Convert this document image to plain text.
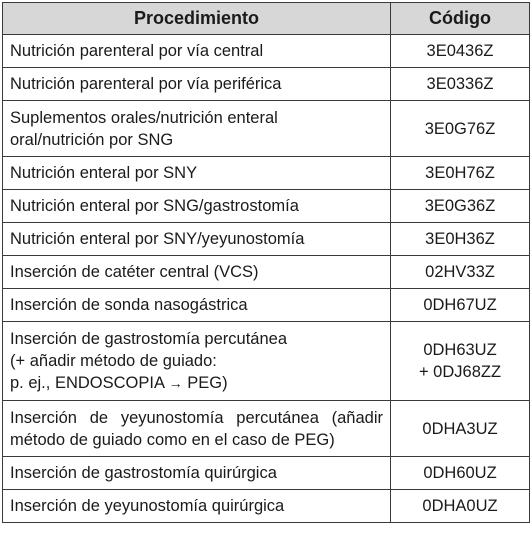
Procedimiento	Código
Nutrición parenteral por vía central	3E0436Z
Nutrición parenteral por vía periférica	3E0336Z

Suplementos orales/nutrición enteral
oral/nutrición por SNG	3E0G76Z
Nutrición enteral por SNY	3E0H76Z
Nutrición enteral por SNG/gastrostomía	3E0G36Z
Nutrición enteral por SNY/yeyunostomía	3E0H36Z
Inserción de catéter central (VCS)	02HV33Z
Inserción de sonda nasogástrica	0DH67UZ

Inserción de gastrostomía percutánea
(+ añadir método de guiado:
p. ej., ENDOSCOPIA → PEG)	0DH63UZ
+ 0DJ68ZZ

Inserción de yeyunostomía percutánea (añadir
método de guiado como en el caso de PEG)	0DHA3UZ
Inserción de gastrostomía quirúrgica	0DH60UZ
Inserción de yeyunostomía quirúrgica	0DHA0UZ
